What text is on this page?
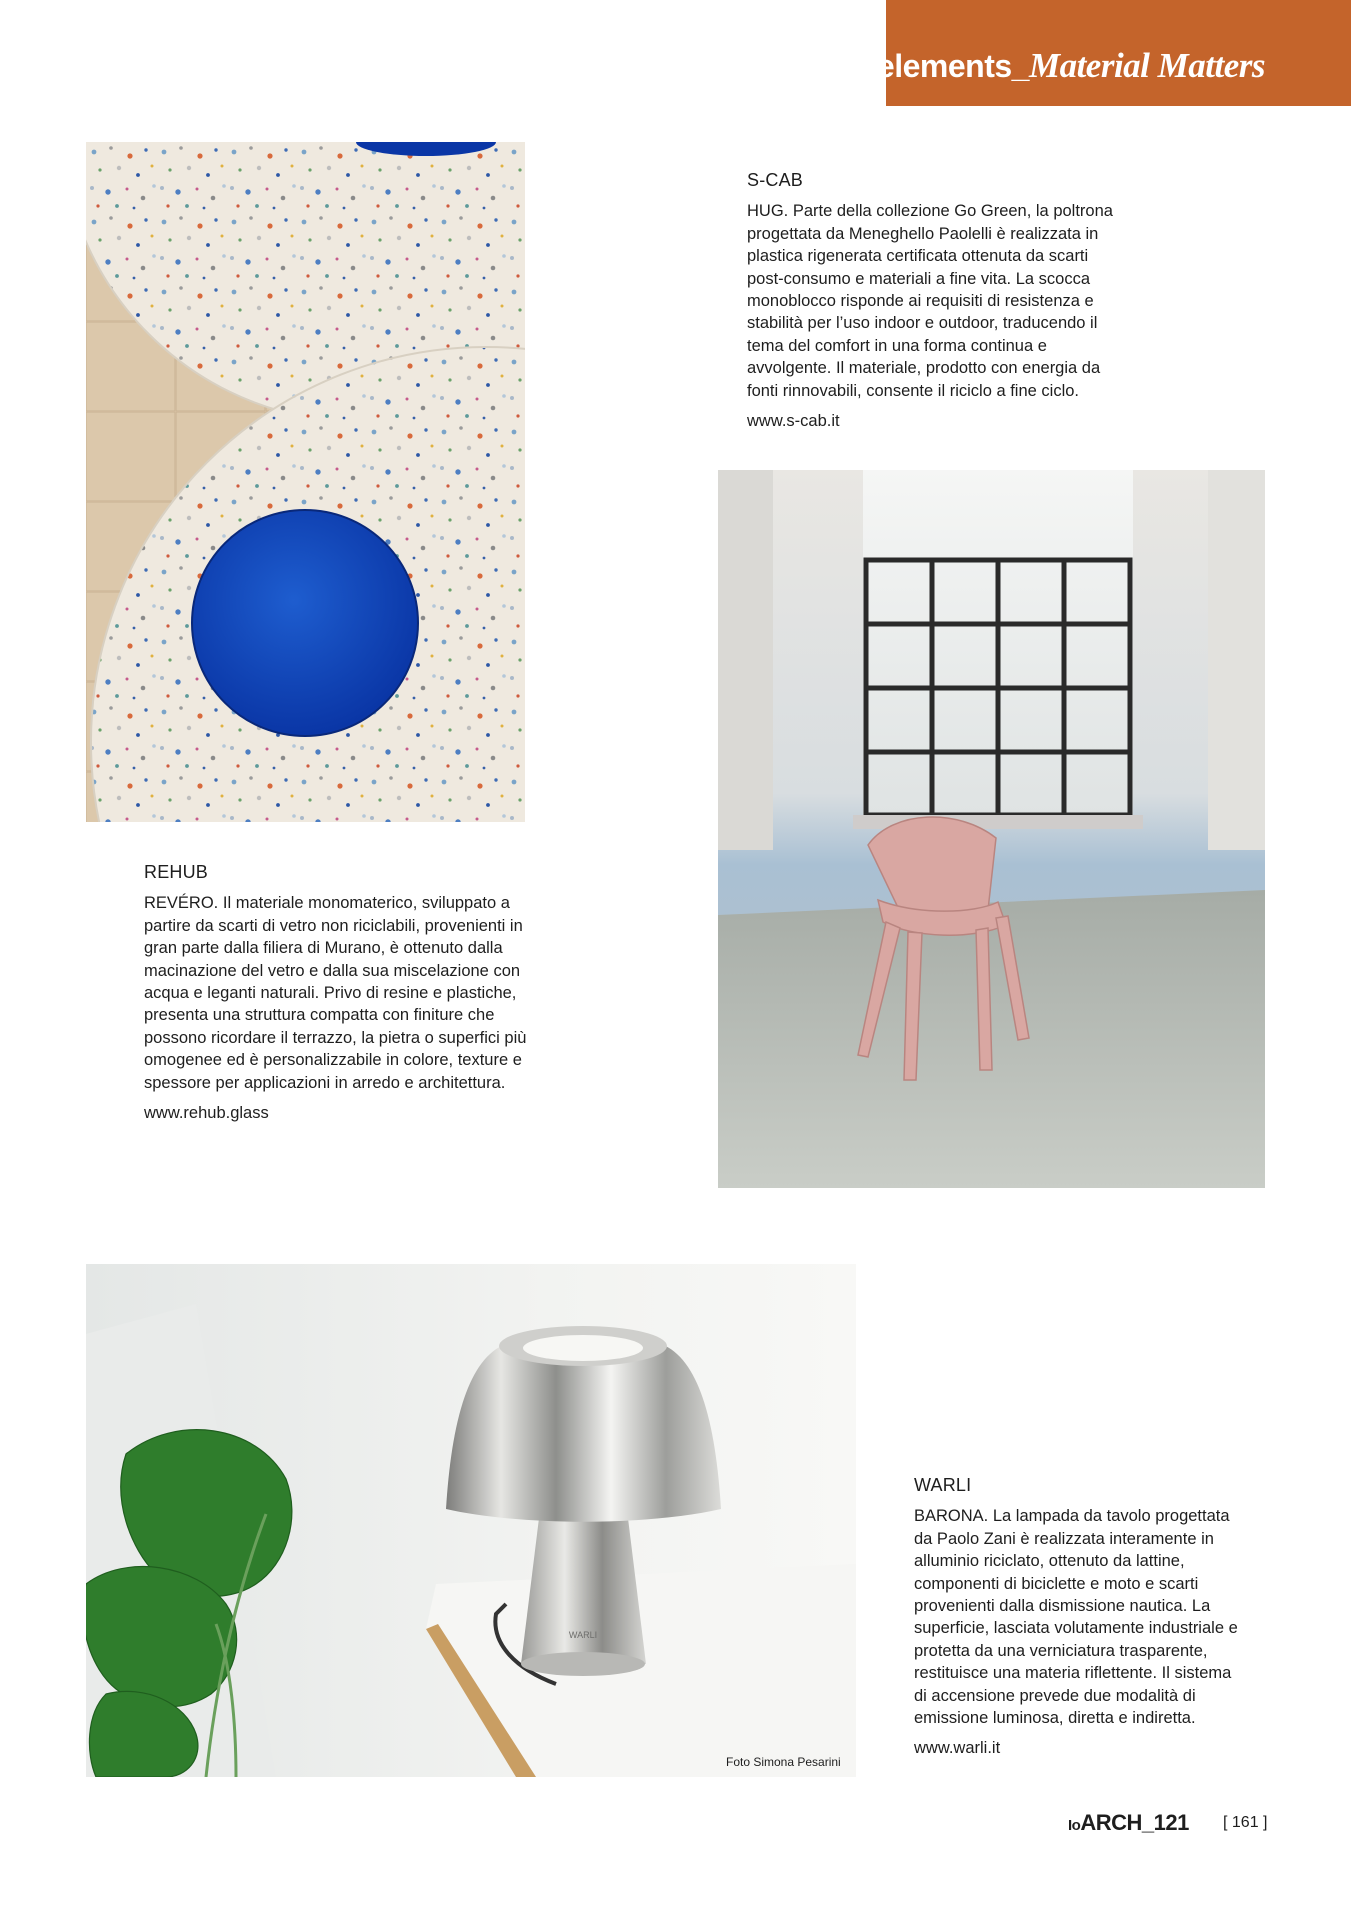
elements_Material Matters
WARLI
Foto Simona Pesarini
S-CAB

HUG. Parte della collezione Go Green, la poltrona progettata da Meneghello Paolelli è realizzata in plastica rigenerata certificata ottenuta da scarti post-consumo e materiali a fine vita. La scocca monoblocco risponde ai requisiti di resistenza e stabilità per l’uso indoor e outdoor, traducendo il tema del comfort in una forma continua e avvolgente. Il materiale, prodotto con energia da fonti rinnovabili, consente il riciclo a fine ciclo.

www.s-cab.it
REHUB

REVÉRO. Il materiale monomaterico, sviluppato a partire da scarti di vetro non riciclabili, provenienti in gran parte dalla filiera di Murano, è ottenuto dalla macinazione del vetro e dalla sua miscelazione con acqua e leganti naturali. Privo di resine e plastiche, presenta una struttura compatta con finiture che possono ricordare il terrazzo, la pietra o superfici più omogenee ed è personalizzabile in colore, texture e spessore per applicazioni in arredo e architettura.

www.rehub.glass
WARLI

BARONA. La lampada da tavolo progettata da Paolo Zani è realizzata interamente in alluminio riciclato, ottenuto da lattine, componenti di biciclette e moto e scarti provenienti dalla dismissione nautica. La superficie, lasciata volutamente industriale e protetta da una verniciatura trasparente, restituisce una materia riflettente. Il sistema di accensione prevede due modalità di emissione luminosa, diretta e indiretta.

www.warli.it
IoARCH_121 [ 161 ]
